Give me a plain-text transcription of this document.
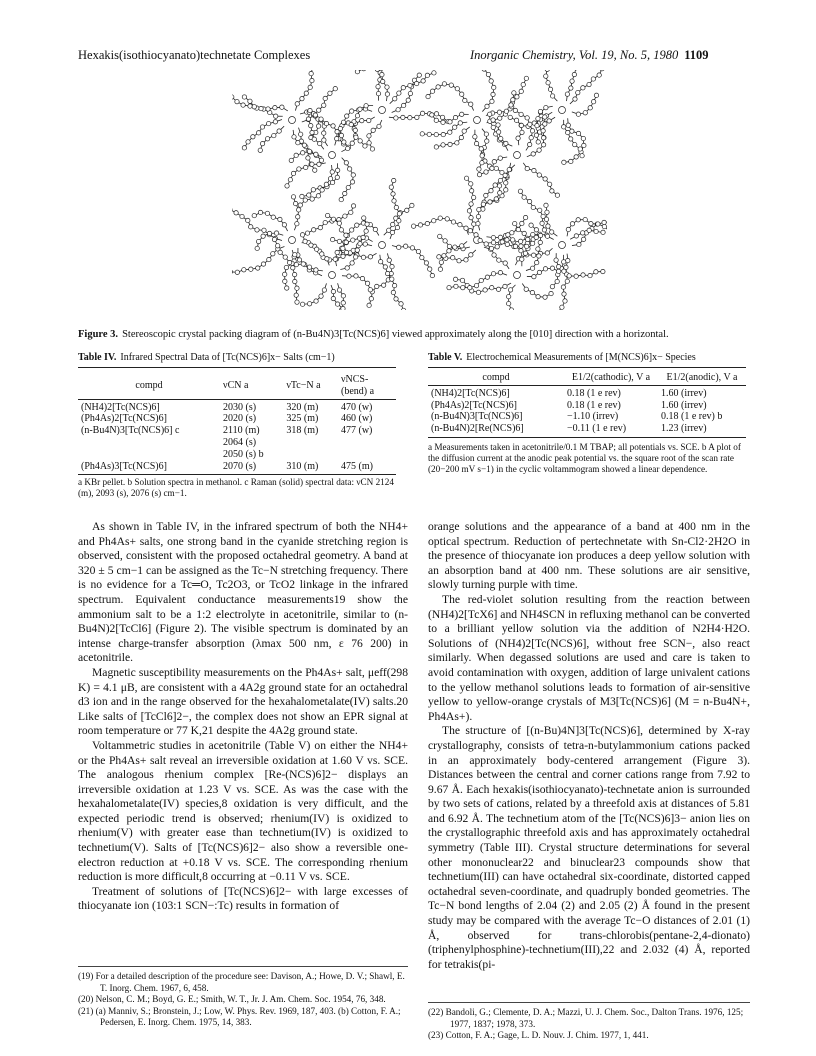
Hexakis(isothiocyanato)technetate Complexes	Inorganic Chemistry, Vol. 19, No. 5, 1980 1109
Figure 3. Stereoscopic crystal packing diagram of (n-Bu4N)3[Tc(NCS)6] viewed approximately along the [010] direction with a horizontal.
Table IV. Infrared Spectral Data of [Tc(NCS)6]x− Salts (cm−1)

compd	νCN a	νTc−N a	νNCS-(bend) a
(NH4)2[Tc(NCS)6]	2030 (s)	320 (m)	470 (w)
(Ph4As)2[Tc(NCS)6]	2020 (s)	325 (m)	460 (w)
(n-Bu4N)3[Tc(NCS)6] c	2110 (m)	318 (m)	477 (w)
	2064 (s)		
	2050 (s) b		
(Ph4As)3[Tc(NCS)6]	2070 (s)	310 (m)	475 (m)
a KBr pellet. b Solution spectra in methanol. c Raman (solid) spectral data: νCN 2124 (m), 2093 (s), 2076 (s) cm−1.
Table V. Electrochemical Measurements of [M(NCS)6]x− Species

compd	E1/2(cathodic), V a	E1/2(anodic), V a
(NH4)2[Tc(NCS)6]	0.18 (1 e rev)	1.60 (irrev)
(Ph4As)2[Tc(NCS)6]	0.18 (1 e rev)	1.60 (irrev)
(n-Bu4N)3[Tc(NCS)6]	−1.10 (irrev)	0.18 (1 e rev) b
(n-Bu4N)2[Re(NCS)6]	−0.11 (1 e rev)	1.23 (irrev)
a Measurements taken in acetonitrile/0.1 M TBAP; all potentials vs. SCE. b A plot of the diffusion current at the anodic peak potential vs. the square root of the scan rate (20−200 mV s−1) in the cyclic voltammogram showed a linear dependence.

As shown in Table IV, in the infrared spectrum of both the NH4+ and Ph4As+ salts, one strong band in the cyanide stretching region is observed, consistent with the proposed octahedral geometry. A band at 320 ± 5 cm−1 can be assigned as the Tc−N stretching frequency. There is no evidence for a Tc═O, Tc2O3, or TcO2 linkage in the infrared spectrum. Equivalent conductance measurements19 show the ammonium salt to be a 1:2 electrolyte in acetonitrile, similar to (n-Bu4N)2[TcCl6] (Figure 2). The visible spectrum is dominated by an intense charge-transfer absorption (λmax 500 nm, ε 76 200) in acetonitrile.

Magnetic susceptibility measurements on the Ph4As+ salt, μeff(298 K) = 4.1 μB, are consistent with a 4A2g ground state for an octahedral d3 ion and in the range observed for the hexahalometalate(IV) salts.20 Like salts of [TcCl6]2−, the complex does not show an EPR signal at room temperature or 77 K,21 despite the 4A2g ground state.

Voltammetric studies in acetonitrile (Table V) on either the NH4+ or the Ph4As+ salt reveal an irreversible oxidation at 1.60 V vs. SCE. The analogous rhenium complex [Re-(NCS)6]2− displays an irreversible oxidation at 1.23 V vs. SCE. As was the case with the hexahalometalate(IV) species,8 oxidation is very difficult, and the expected periodic trend is observed; rhenium(IV) is oxidized to rhenium(V) with greater ease than technetium(IV) is oxidized to technetium(V). Salts of [Tc(NCS)6]2− also show a reversible one-electron reduction at +0.18 V vs. SCE. The corresponding rhenium reduction is more difficult,8 occurring at −0.11 V vs. SCE.

Treatment of solutions of [Tc(NCS)6]2− with large excesses of thiocyanate ion (103:1 SCN−:Tc) results in formation of

(19) For a detailed description of the procedure see: Davison, A.; Howe, D. V.; Shawl, E. T. Inorg. Chem. 1967, 6, 458.
(20) Nelson, C. M.; Boyd, G. E.; Smith, W. T., Jr. J. Am. Chem. Soc. 1954, 76, 348.
(21) (a) Manniv, S.; Bronstein, J.; Low, W. Phys. Rev. 1969, 187, 403. (b) Cotton, F. A.; Pedersen, E. Inorg. Chem. 1975, 14, 383.

orange solutions and the appearance of a band at 400 nm in the optical spectrum. Reduction of pertechnetate with Sn-Cl2·2H2O in the presence of thiocyanate ion produces a deep yellow solution with an absorption band at 400 nm. These solutions are air sensitive, slowly turning purple with time.

The red-violet solution resulting from the reaction between (NH4)2[TcX6] and NH4SCN in refluxing methanol can be converted to a brilliant yellow solution via the addition of N2H4·H2O. Solutions of (NH4)2[Tc(NCS)6], without free SCN−, also react similarly. When degassed solutions are used and care is taken to avoid contamination with oxygen, addition of large univalent cations to the yellow methanol solutions leads to formation of air-sensitive yellow to yellow-orange crystals of M3[Tc(NCS)6] (M = n-Bu4N+, Ph4As+).

The structure of [(n-Bu)4N]3[Tc(NCS)6], determined by X-ray crystallography, consists of tetra-n-butylammonium cations packed in an approximately body-centered arrangement (Figure 3). Distances between the central and corner cations range from 7.92 to 9.67 Å. Each hexakis(isothiocyanato)-technetate anion is surrounded by two sets of cations, related by a threefold axis at distances of 5.81 and 6.92 Å. The technetium atom of the [Tc(NCS)6]3− anion lies on the crystallographic threefold axis and has approximately octahedral symmetry (Table III). Crystal structure determinations for several other mononuclear22 and binuclear23 compounds show that technetium(III) can have octahedral six-coordinate, distorted capped octahedral seven-coordinate, and quadruply bonded geometries. The Tc−N bond lengths of 2.04 (2) and 2.05 (2) Å found in the present study may be compared with the average Tc−O distances of 2.01 (1) Å, observed for trans-chlorobis(pentane-2,4-dionato)(triphenylphosphine)-technetium(III),22 and 2.032 (4) Å, reported for tetrakis(pi-

(22) Bandoli, G.; Clemente, D. A.; Mazzi, U. J. Chem. Soc., Dalton Trans. 1976, 125; 1977, 1837; 1978, 373.
(23) Cotton, F. A.; Gage, L. D. Nouv. J. Chim. 1977, 1, 441.
